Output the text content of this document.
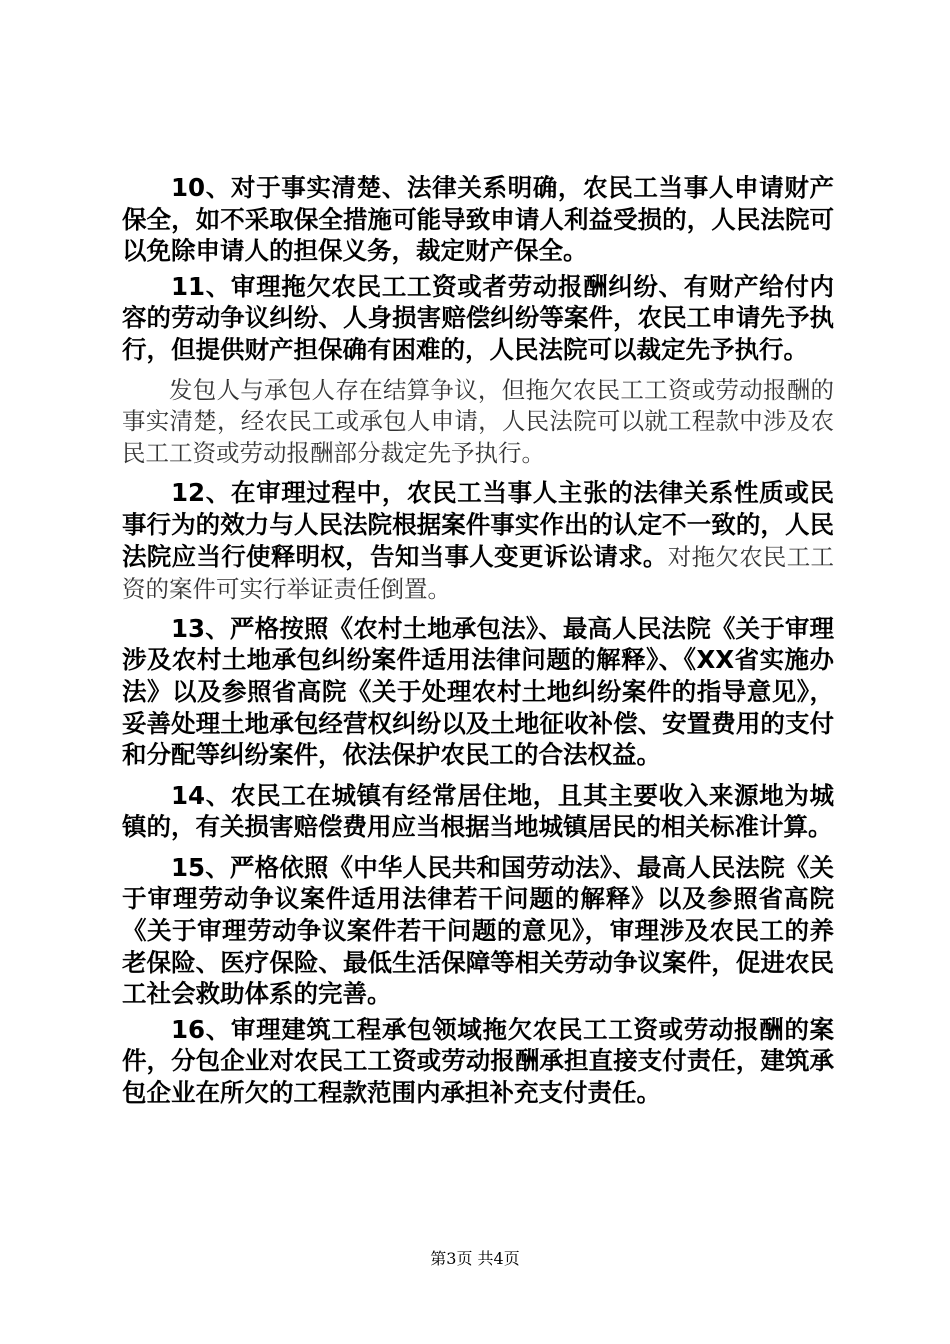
10、对于事实清楚、法律关系明确，农民工当事人申请财产保全，如不采取保全措施可能导致申请人利益受损的，人民法院可以免除申请人的担保义务，裁定财产保全。

11、审理拖欠农民工工资或者劳动报酬纠纷、有财产给付内容的劳动争议纠纷、人身损害赔偿纠纷等案件，农民工申请先予执行，但提供财产担保确有困难的，人民法院可以裁定先予执行。

发包人与承包人存在结算争议，但拖欠农民工工资或劳动报酬的事实清楚，经农民工或承包人申请，人民法院可以就工程款中涉及农民工工资或劳动报酬部分裁定先予执行。

12、在审理过程中，农民工当事人主张的法律关系性质或民事行为的效力与人民法院根据案件事实作出的认定不一致的，人民法院应当行使释明权，告知当事人变更诉讼请求。对拖欠农民工工资的案件可实行举证责任倒置。

13、严格按照《农村土地承包法》、最高人民法院《关于审理涉及农村土地承包纠纷案件适用法律问题的解释》、《XX省实施办法》以及参照省高院《关于处理农村土地纠纷案件的指导意见》，妥善处理土地承包经营权纠纷以及土地征收补偿、安置费用的支付和分配等纠纷案件，依法保护农民工的合法权益。

14、农民工在城镇有经常居住地，且其主要收入来源地为城镇的，有关损害赔偿费用应当根据当地城镇居民的相关标准计算。

15、严格依照《中华人民共和国劳动法》、最高人民法院《关于审理劳动争议案件适用法律若干问题的解释》以及参照省高院《关于审理劳动争议案件若干问题的意见》，审理涉及农民工的养老保险、医疗保险、最低生活保障等相关劳动争议案件，促进农民工社会救助体系的完善。

16、审理建筑工程承包领域拖欠农民工工资或劳动报酬的案件，分包企业对农民工工资或劳动报酬承担直接支付责任，建筑承包企业在所欠的工程款范围内承担补充支付责任。

第3页 共4页
